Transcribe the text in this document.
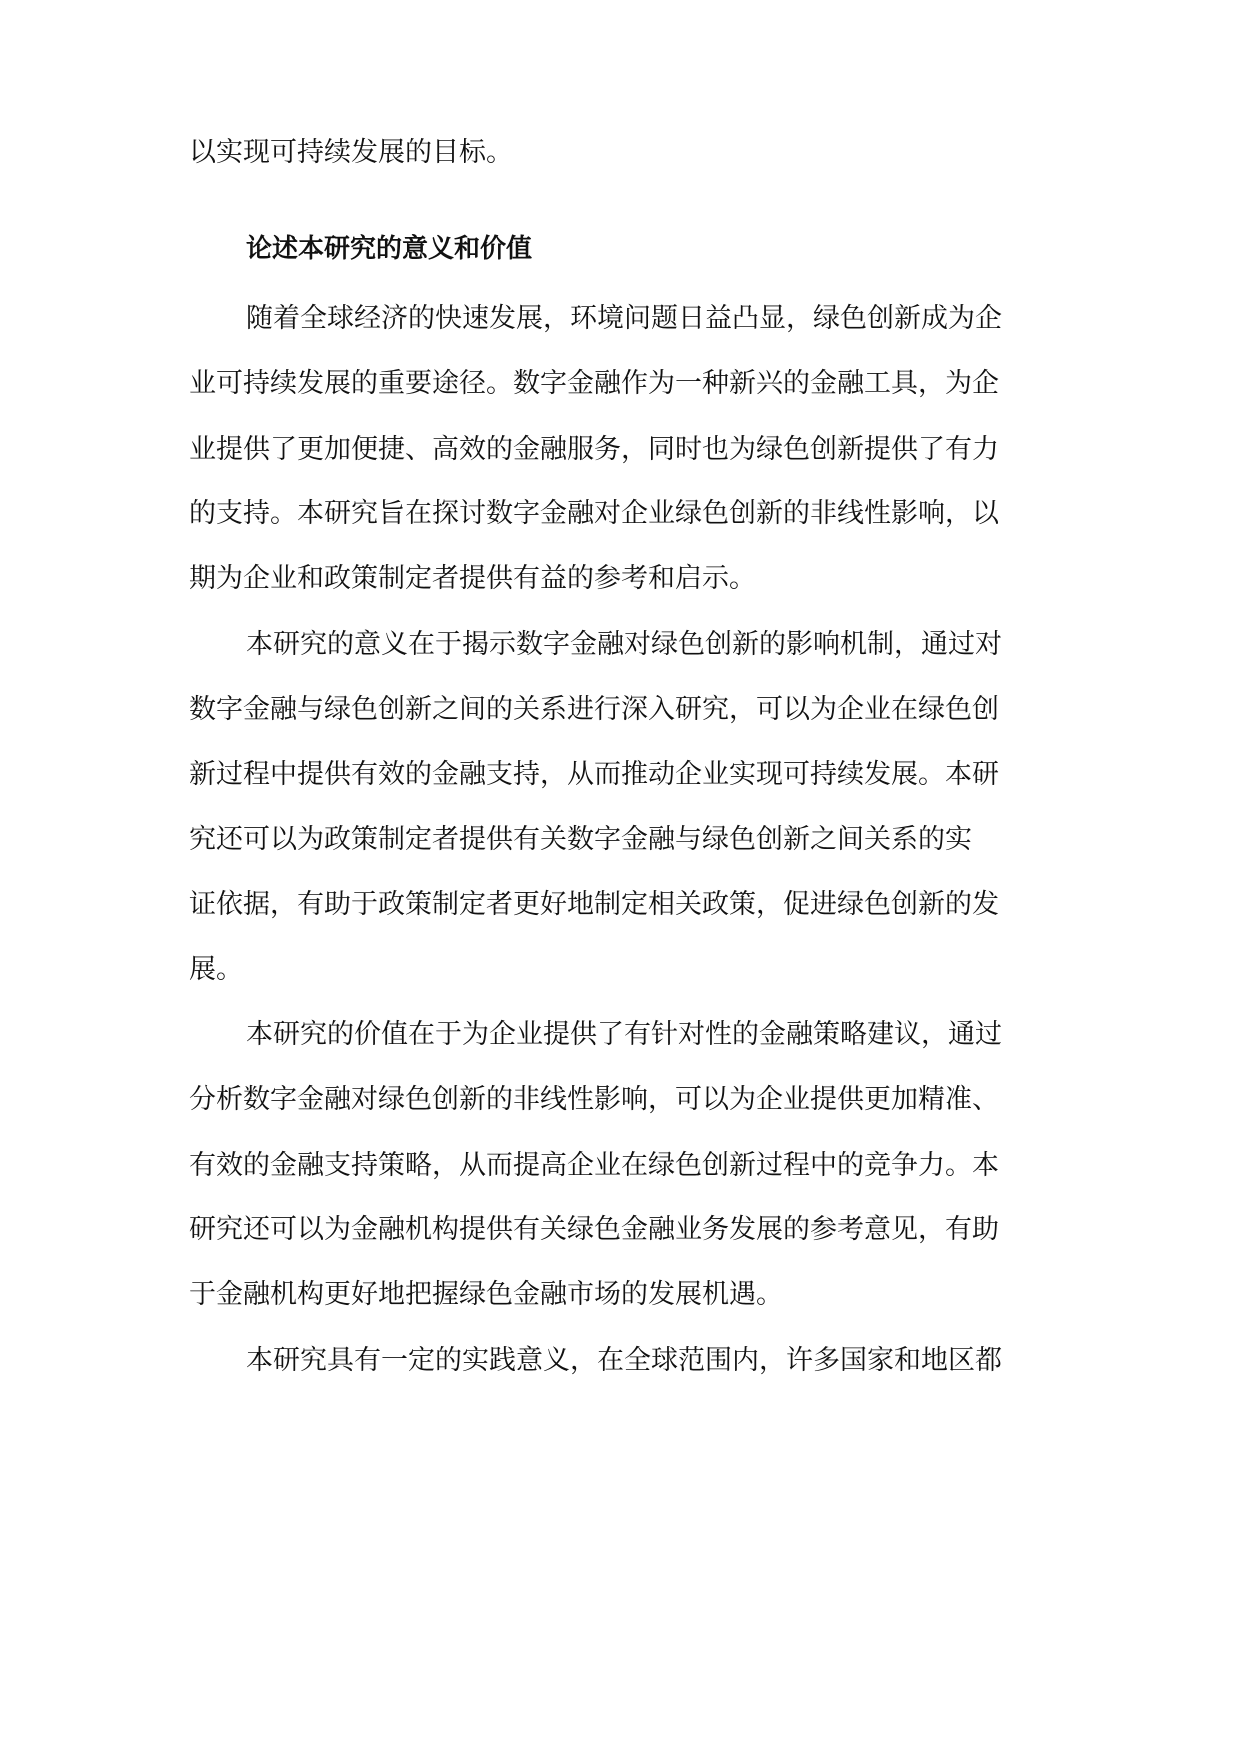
以实现可持续发展的目标。
论述本研究的意义和价值
随着全球经济的快速发展，环境问题日益凸显，绿色创新成为企
业可持续发展的重要途径。数字金融作为一种新兴的金融工具，为企
业提供了更加便捷、高效的金融服务，同时也为绿色创新提供了有力
的支持。本研究旨在探讨数字金融对企业绿色创新的非线性影响，以
期为企业和政策制定者提供有益的参考和启示。
本研究的意义在于揭示数字金融对绿色创新的影响机制，通过对
数字金融与绿色创新之间的关系进行深入研究，可以为企业在绿色创
新过程中提供有效的金融支持，从而推动企业实现可持续发展。本研
究还可以为政策制定者提供有关数字金融与绿色创新之间关系的实
证依据，有助于政策制定者更好地制定相关政策，促进绿色创新的发
展。
本研究的价值在于为企业提供了有针对性的金融策略建议，通过
分析数字金融对绿色创新的非线性影响，可以为企业提供更加精准、
有效的金融支持策略，从而提高企业在绿色创新过程中的竞争力。本
研究还可以为金融机构提供有关绿色金融业务发展的参考意见，有助
于金融机构更好地把握绿色金融市场的发展机遇。
本研究具有一定的实践意义，在全球范围内，许多国家和地区都
